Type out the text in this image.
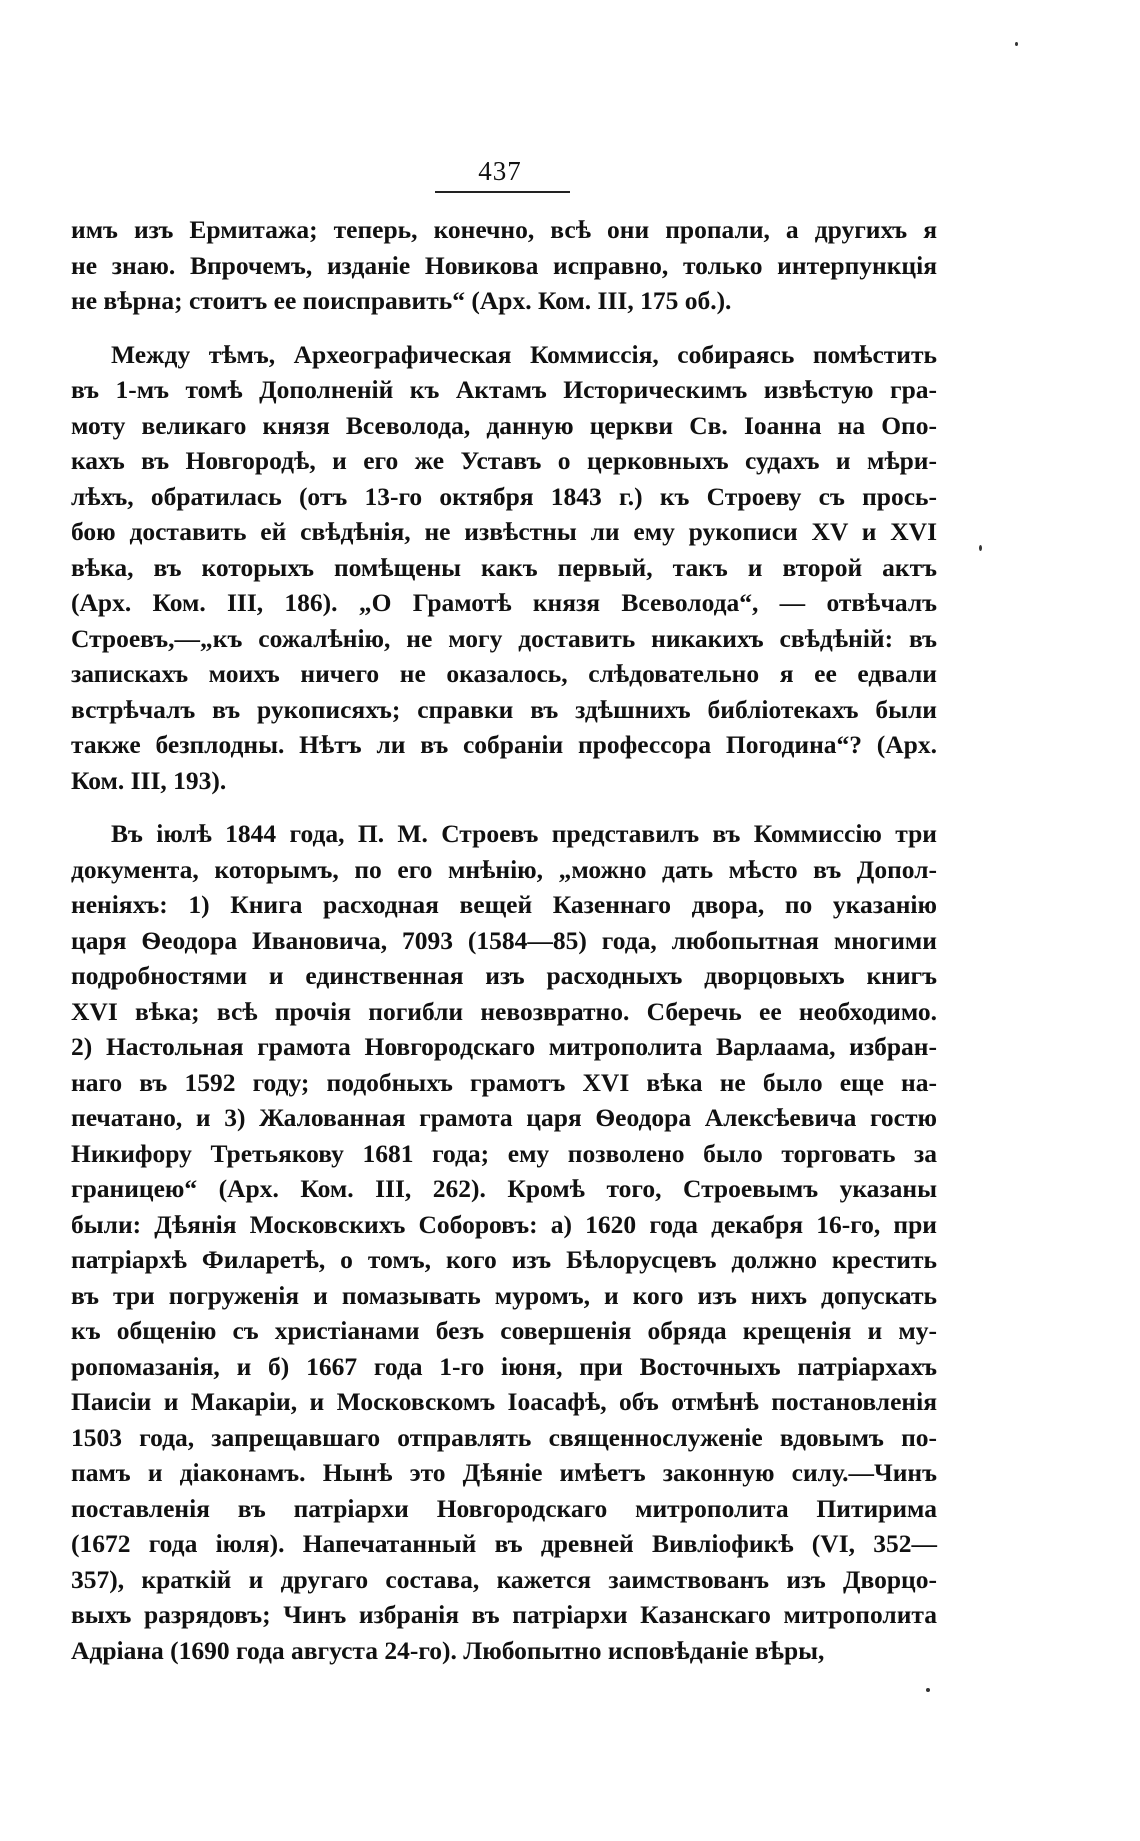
437
имъ изъ Ермитажа; теперь, конечно, всѣ они пропали, а другихъ я
не знаю. Впрочемъ, изданіе Новикова исправно, только интерпункція
не вѣрна; стоитъ ее поисправить“ (Арх. Ком. III, 175 об.).
Между тѣмъ, Археографическая Коммиссія, собираясь помѣстить
въ 1-мъ томѣ Дополненій къ Актамъ Историческимъ извѣстую гра-
моту великаго князя Всеволода, данную церкви Св. Іоанна на Опо-
кахъ въ Новгородѣ, и его же Уставъ о церковныхъ судахъ и мѣри-
лѣхъ, обратилась (отъ 13-го октября 1843 г.) къ Строеву съ прось-
бою доставить ей свѣдѣнія, не извѣстны ли ему рукописи XV и XVI
вѣка, въ которыхъ помѣщены какъ первый, такъ и второй актъ
(Арх. Ком. III, 186). „О Грамотѣ князя Всеволода“, — отвѣчалъ
Строевъ,—„къ сожалѣнію, не могу доставить никакихъ свѣдѣній: въ
запискахъ моихъ ничего не оказалось, слѣдовательно я ее едвали
встрѣчалъ въ рукописяхъ; справки въ здѣшнихъ библіотекахъ были
также безплодны. Нѣтъ ли въ собраніи профессора Погодина“? (Арх.
Ком. III, 193).
Въ іюлѣ 1844 года, П. М. Строевъ представилъ въ Коммиссію три
документа, которымъ, по его мнѣнію, „можно дать мѣсто въ Допол-
неніяхъ: 1) Книга расходная вещей Казеннаго двора, по указанію
царя Ѳеодора Ивановича, 7093 (1584—85) года, любопытная многими
подробностями и единственная изъ расходныхъ дворцовыхъ книгъ
XVI вѣка; всѣ прочія погибли невозвратно. Сберечь ее необходимо.
2) Настольная грамота Новгородскаго митрополита Варлаама, избран-
наго въ 1592 году; подобныхъ грамотъ XVI вѣка не было еще на-
печатано, и 3) Жалованная грамота царя Ѳеодора Алексѣевича гостю
Никифору Третьякову 1681 года; ему позволено было торговать за
границею“ (Арх. Ком. III, 262). Кромѣ того, Строевымъ указаны
были: Дѣянія Московскихъ Соборовъ: а) 1620 года декабря 16-го, при
патріархѣ Филаретѣ, о томъ, кого изъ Бѣлорусцевъ должно крестить
въ три погруженія и помазывать муромъ, и кого изъ нихъ допускать
къ общенію съ христіанами безъ совершенія обряда крещенія и му-
ропомазанія, и б) 1667 года 1-го іюня, при Восточныхъ патріархахъ
Паисіи и Макаріи, и Московскомъ Іоасафѣ, объ отмѣнѣ постановленія
1503 года, запрещавшаго отправлять священнослуженіе вдовымъ по-
памъ и діаконамъ. Нынѣ это Дѣяніе имѣетъ законную силу.—Чинъ
поставленія въ патріархи Новгородскаго митрополита Питирима
(1672 года іюля). Напечатанный въ древней Вивліофикѣ (VI, 352—
357), краткій и другаго состава, кажется заимствованъ изъ Дворцо-
выхъ разрядовъ; Чинъ избранія въ патріархи Казанскаго митрополита
Адріана (1690 года августа 24-го). Любопытно исповѣданіе вѣры,
